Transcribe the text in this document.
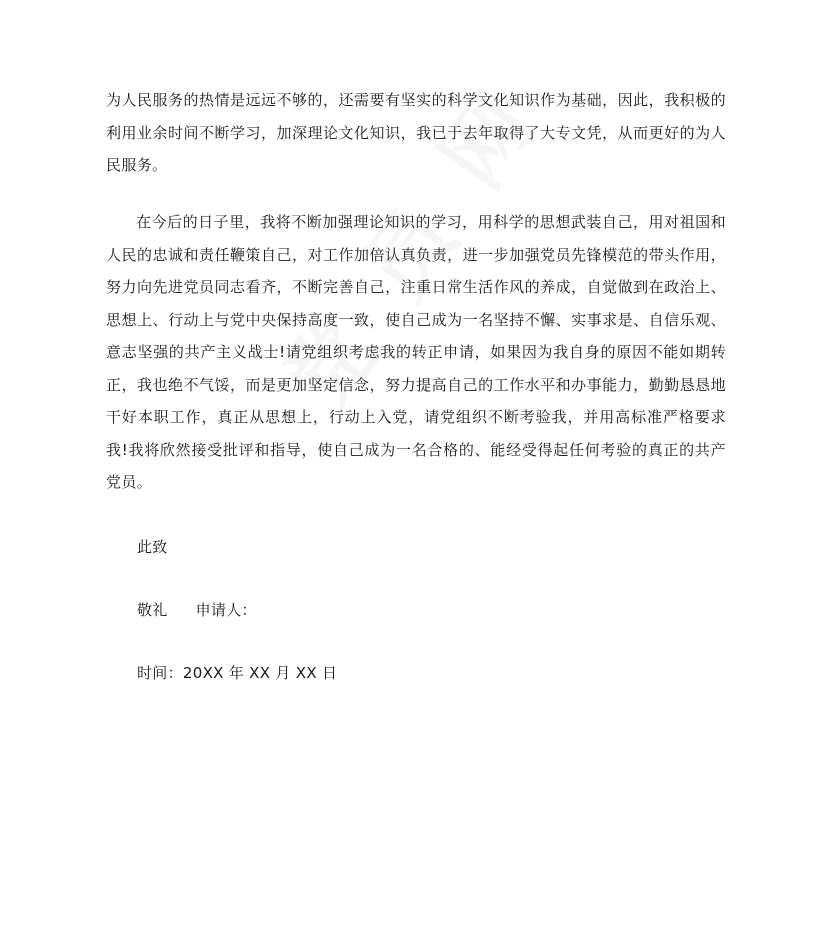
为人民服务的热情是远远不够的，还需要有坚实的科学文化知识作为基础，因此，我积极的利用业余时间不断学习，加深理论文化知识，我已于去年取得了大专文凭，从而更好的为人民服务。

在今后的日子里，我将不断加强理论知识的学习，用科学的思想武装自己，用对祖国和人民的忠诚和责任鞭策自己，对工作加倍认真负责，进一步加强党员先锋模范的带头作用，努力向先进党员同志看齐，不断完善自己，注重日常生活作风的养成，自觉做到在政治上、思想上、行动上与党中央保持高度一致，使自己成为一名坚持不懈、实事求是、自信乐观、意志坚强的共产主义战士!请党组织考虑我的转正申请，如果因为我自身的原因不能如期转正，我也绝不气馁，而是更加坚定信念，努力提高自己的工作水平和办事能力，勤勤恳恳地干好本职工作，真正从思想上，行动上入党，请党组织不断考验我，并用高标准严格要求我!我将欣然接受批评和指导，使自己成为一名合格的、能经受得起任何考验的真正的共产党员。

此致
敬礼 申请人：
时间：20XX 年 XX 月 XX 日
